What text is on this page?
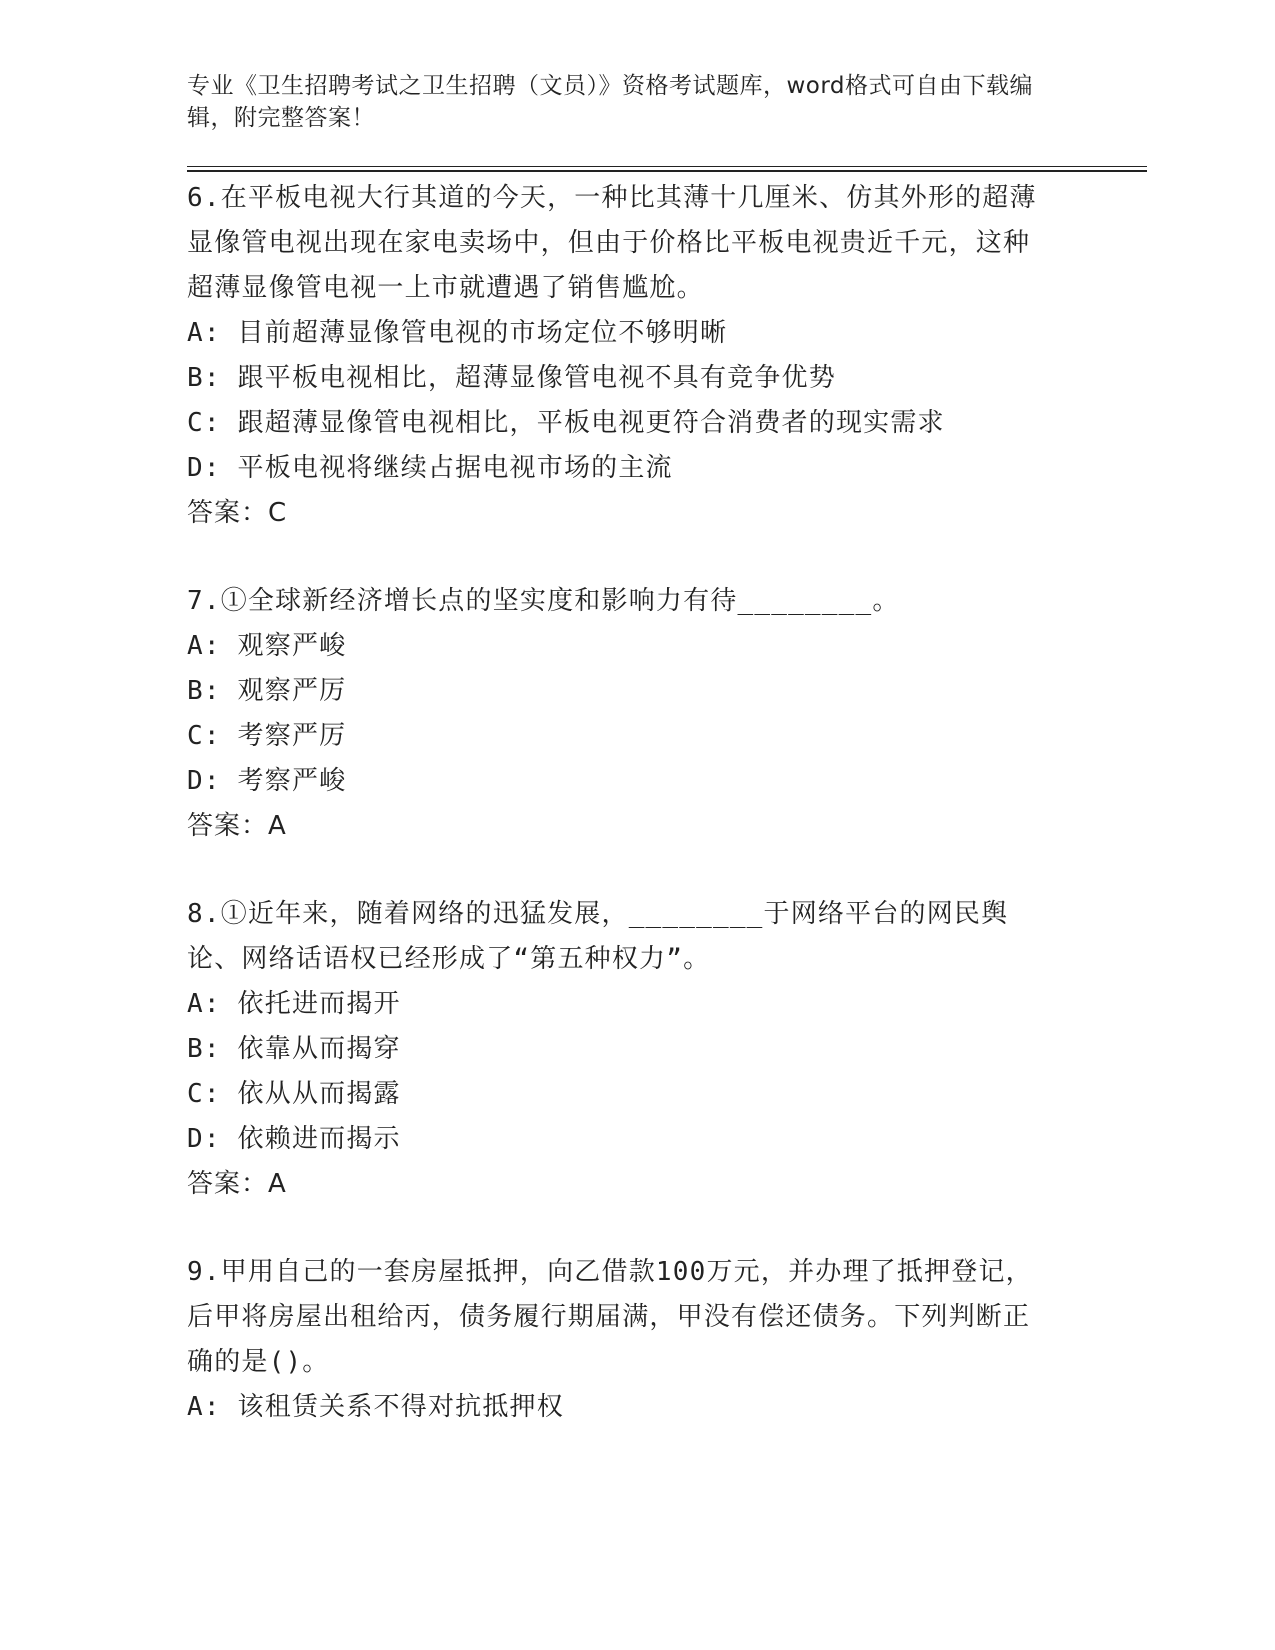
专业《卫生招聘考试之卫生招聘（文员）》资格考试题库，word格式可自由下载编辑，附完整答案！
6.在平板电视大行其道的今天，一种比其薄十几厘米、仿其外形的超薄显像管电视出现在家电卖场中，但由于价格比平板电视贵近千元，这种超薄显像管电视一上市就遭遇了销售尴尬。
A: 目前超薄显像管电视的市场定位不够明晰
B: 跟平板电视相比，超薄显像管电视不具有竞争优势
C: 跟超薄显像管电视相比，平板电视更符合消费者的现实需求
D: 平板电视将继续占据电视市场的主流
答案：C
7.①全球新经济增长点的坚实度和影响力有待________。
A: 观察严峻
B: 观察严厉
C: 考察严厉
D: 考察严峻
答案：A
8.①近年来，随着网络的迅猛发展，________于网络平台的网民舆论、网络话语权已经形成了“第五种权力”。
A: 依托进而揭开
B: 依靠从而揭穿
C: 依从从而揭露
D: 依赖进而揭示
答案：A
9.甲用自己的一套房屋抵押，向乙借款100万元，并办理了抵押登记，后甲将房屋出租给丙，债务履行期届满，甲没有偿还债务。下列判断正确的是()。
A: 该租赁关系不得对抗抵押权
